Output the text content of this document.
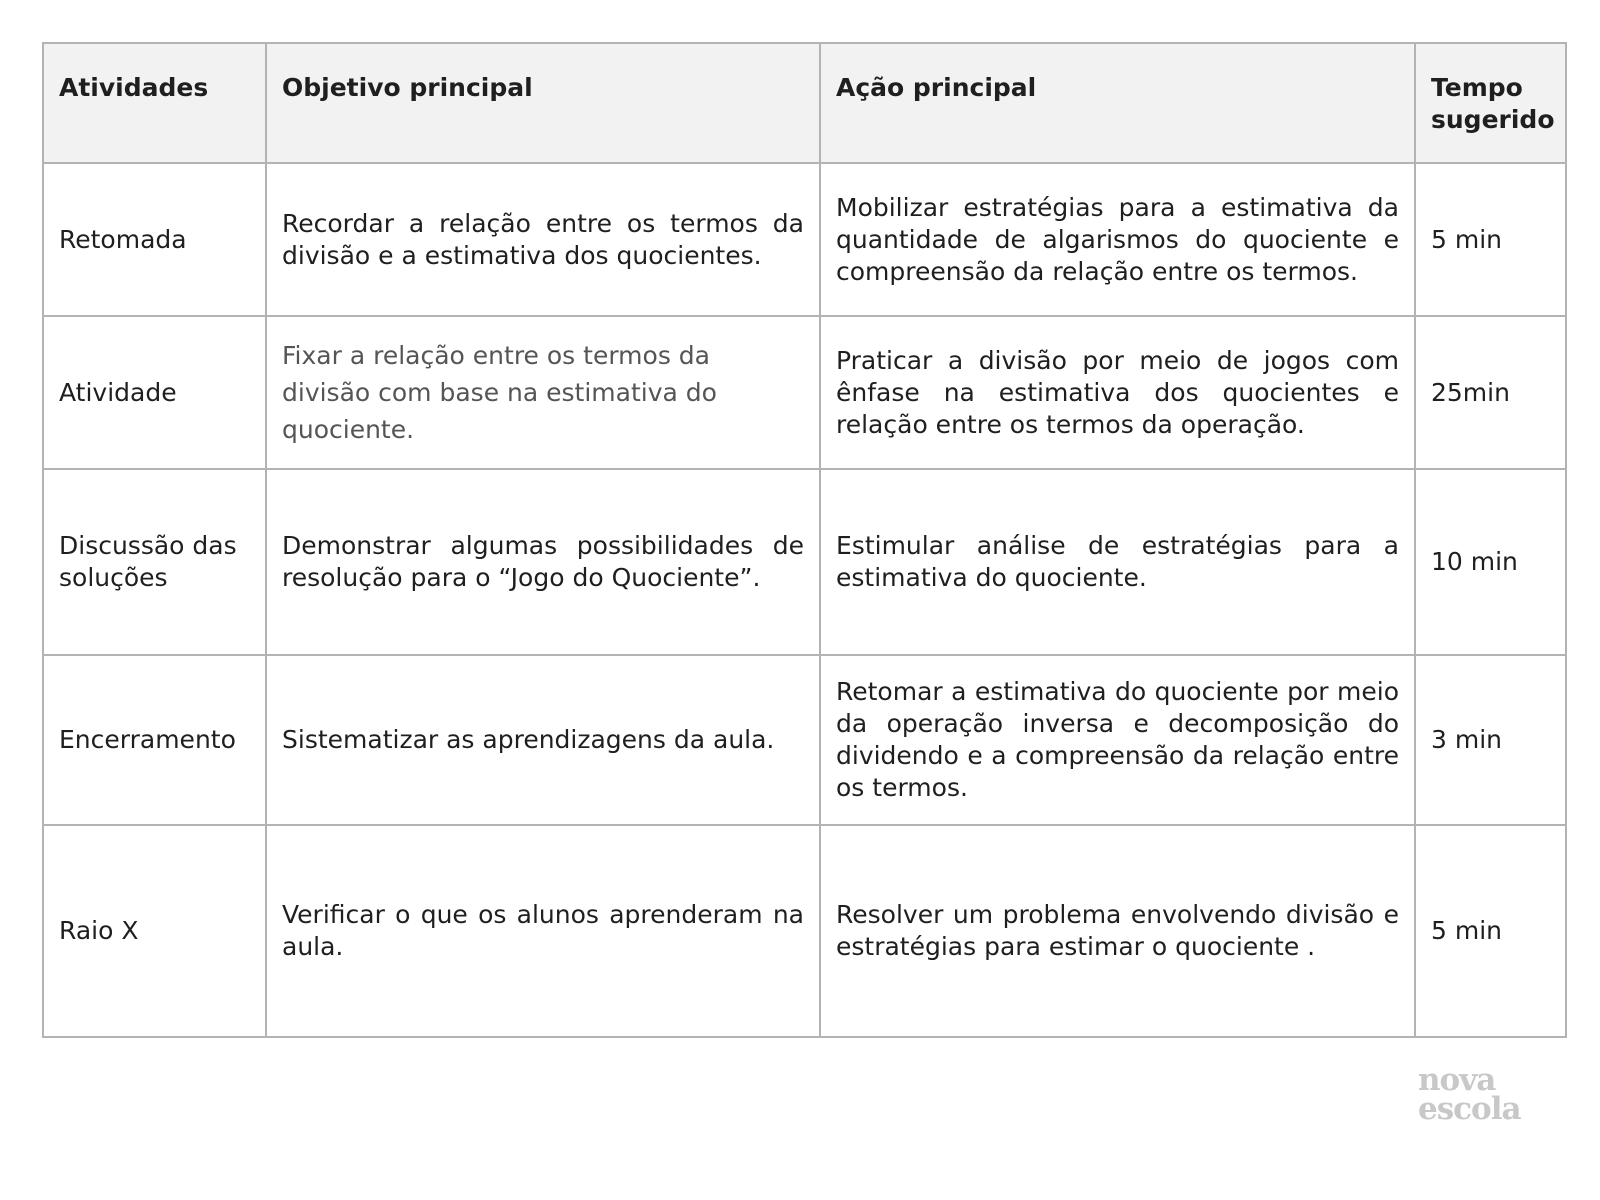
Atividades	Objetivo principal	Ação principal	Tempo sugerido
Retomada	Recordar a relação entre os termos da divisão e a estimativa dos quocientes.	Mobilizar estratégias para a estimativa da quantidade de algarismos do quociente e compreensão da relação entre os termos.	5 min
Atividade	Fixar a relação entre os termos da divisão com base na estimativa do quociente.	Praticar a divisão por meio de jogos com ênfase na estimativa dos quocientes e relação entre os termos da operação.	25min
Discussão das soluções	Demonstrar algumas possibilidades de resolução para o “Jogo do Quociente”.	Estimular análise de estratégias para a estimativa do quociente.	10 min
Encerramento	Sistematizar as aprendizagens da aula.	Retomar a estimativa do quociente por meio da operação inversa e decomposição do dividendo e a compreensão da relação entre os termos.	3 min
Raio X	Verificar o que os alunos aprenderam na aula.	Resolver um problema envolvendo divisão e estratégias para estimar o quociente .	5 min
nova
escola
